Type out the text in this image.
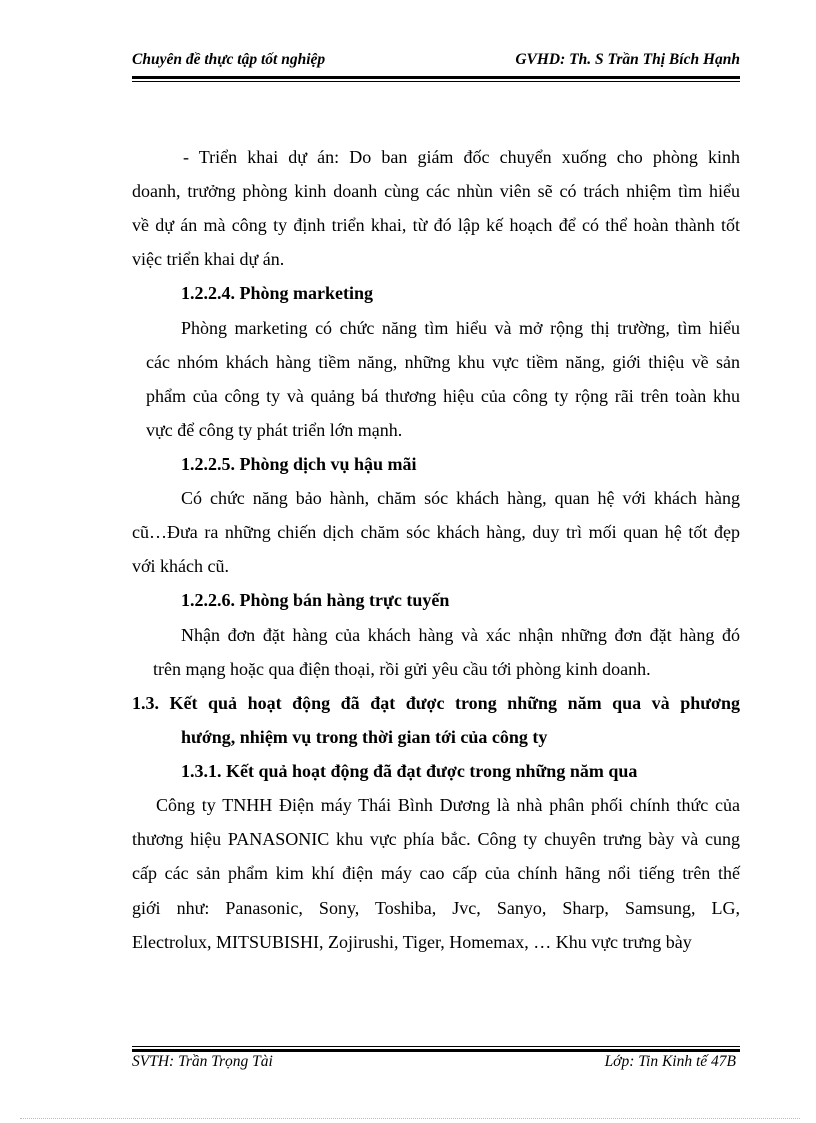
Chuyên đề thực tập tốt nghiệp	GVHD: Th. S Trần Thị Bích Hạnh
- Triển khai dự án: Do ban giám đốc chuyển xuống cho phòng kinh
doanh, trưởng phòng kinh doanh cùng các nhùn viên sẽ có trách nhiệm tìm hiểu
về dự án mà công ty định triển khai, từ đó lập kế hoạch để có thể hoàn thành tốt
việc triển khai dự án.
1.2.2.4. Phòng marketing
Phòng marketing có chức năng tìm hiểu và mở rộng thị trường, tìm hiểu
các nhóm khách hàng tiềm năng, những khu vực tiềm năng, giới thiệu về sản
phẩm của công ty và quảng bá thương hiệu của công ty rộng rãi trên toàn khu
vực để công ty phát triển lớn mạnh.
1.2.2.5. Phòng dịch vụ hậu mãi
Có chức năng bảo hành, chăm sóc khách hàng, quan hệ với khách hàng
cũ…Đưa ra những chiến dịch chăm sóc khách hàng, duy trì mối quan hệ tốt đẹp
với khách cũ.
1.2.2.6. Phòng bán hàng trực tuyến
Nhận đơn đặt hàng của khách hàng và xác nhận những đơn đặt hàng đó
trên mạng hoặc qua điện thoại, rồi gửi yêu cầu tới phòng kinh doanh.
1.3. Kết quả hoạt động đã đạt được trong những năm qua và phương
hướng, nhiệm vụ trong thời gian tới của công ty
1.3.1. Kết quả hoạt động đã đạt được trong những năm qua
Công ty TNHH Điện máy Thái Bình Dương là nhà phân phối chính thức của
thương hiệu PANASONIC khu vực phía bắc. Công ty chuyên trưng bày và cung
cấp các sản phẩm kim khí điện máy cao cấp của chính hãng nổi tiếng trên thế
giới như: Panasonic, Sony, Toshiba, Jvc, Sanyo, Sharp, Samsung, LG,
Electrolux, MITSUBISHI, Zojirushi, Tiger, Homemax, … Khu vực trưng bày
SVTH: Trần Trọng Tài	Lớp: Tin Kinh tế 47B
